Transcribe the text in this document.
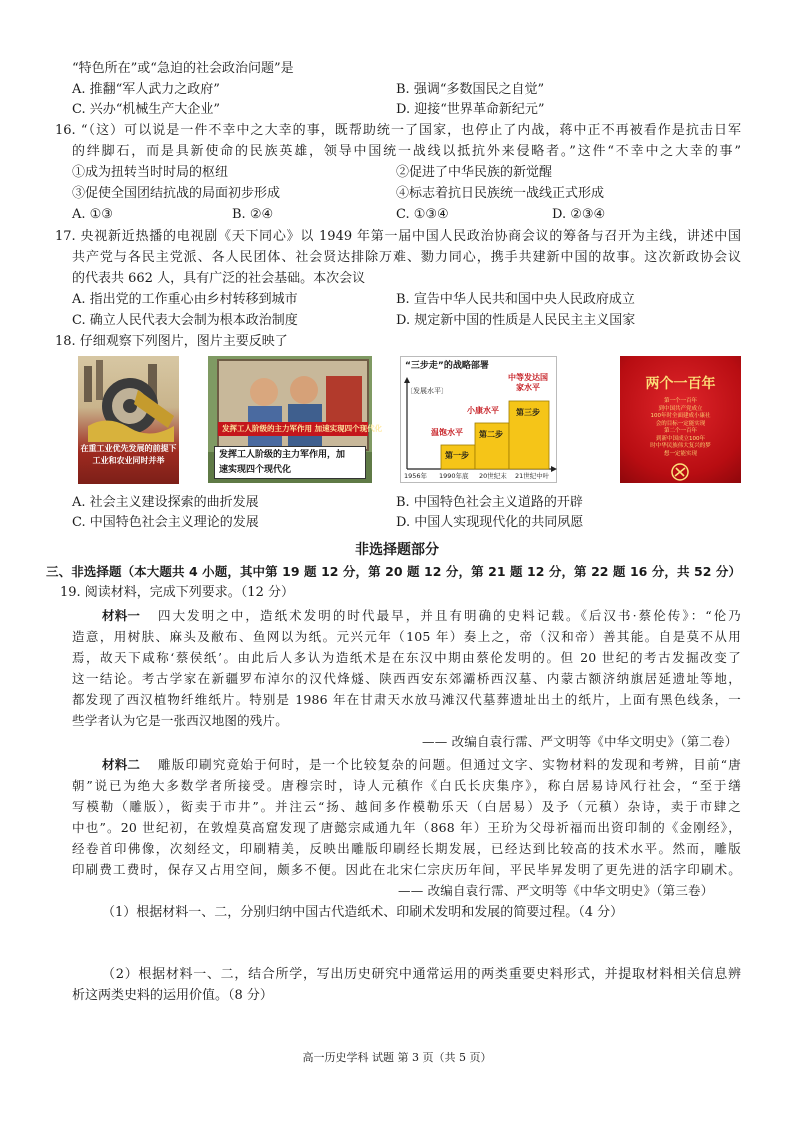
“特色所在”或“急迫的社会政治问题”是
A. 推翻“军人武力之政府”	B. 强调“多数国民之自觉”
C. 兴办“机械生产大企业”	D. 迎接“世界革命新纪元”
16. “（这）可以说是一件不幸中之大幸的事，既帮助统一了国家，也停止了内战，蒋中正不再被看作是抗击日军
的绊脚石，而是具新使命的民族英雄，领导中国统一战线以抵抗外来侵略者。”这件“不幸中之大幸的事”
①成为扭转当时时局的枢纽	②促进了中华民族的新觉醒
③促使全国团结抗战的局面初步形成	④标志着抗日民族统一战线正式形成
A. ①③	B. ②④	C. ①③④	D. ②③④
17. 央视新近热播的电视剧《天下同心》以 1949 年第一届中国人民政治协商会议的筹备与召开为主线，讲述中国
共产党与各民主党派、各人民团体、社会贤达排除万难、勠力同心，携手共建新中国的故事。这次新政协会议
的代表共 662 人，具有广泛的社会基础。本次会议
A. 指出党的工作重心由乡村转移到城市	B. 宣告中华人民共和国中央人民政府成立
C. 确立人民代表大会制为根本政治制度	D. 规定新中国的性质是人民民主主义国家
18. 仔细观察下列图片，图片主要反映了
在重工业优先发展的前提下
工业和农业同时并举
发挥工人阶级的主力军作用 加速实现四个现代化
发挥工人阶级的主力军作用，加
速实现四个现代化
“三步走”的战略部署
〔发展水平〕
第一步
第二步
第三步
温饱水平
小康水平
中等发达国家水平
1956年 1990年底 20世纪末 21世纪中叶
两个一百年
第一个一百年
到中国共产党成立
100年时全面建成小康社
会的目标一定能实现
第二个一百年
到新中国成立100年
时中华民族伟大复兴的梦
想一定能实现
A. 社会主义建设探索的曲折发展	B. 中国特色社会主义道路的开辟
C. 中国特色社会主义理论的发展	D. 中国人实现现代化的共同夙愿
非选择题部分
三、非选择题（本大题共 4 小题，其中第 19 题 12 分，第 20 题 12 分，第 21 题 12 分，第 22 题 16 分，共 52 分）
19. 阅读材料，完成下列要求。（12 分）
材料一 四大发明之中，造纸术发明的时代最早，并且有明确的史料记载。《后汉书·蔡伦传》：“伦乃
造意，用树肤、麻头及敝布、鱼网以为纸。元兴元年（105 年）奏上之，帝（汉和帝）善其能。自是莫不从用
焉，故天下咸称‘蔡侯纸’。由此后人多认为造纸术是在东汉中期由蔡伦发明的。但 20 世纪的考古发掘改变了
这一结论。考古学家在新疆罗布淖尔的汉代烽燧、陕西西安东郊灞桥西汉墓、内蒙古额济纳旗居延遗址等地，
都发现了西汉植物纤维纸片。特别是 1986 年在甘肃天水放马滩汉代墓葬遗址出土的纸片，上面有黑色线条，一
些学者认为它是一张西汉地图的残片。
—— 改编自袁行霈、严文明等《中华文明史》（第二卷）
材料二 雕版印刷究竟始于何时，是一个比较复杂的问题。但通过文字、实物材料的发现和考辨，目前“唐
朝”说已为绝大多数学者所接受。唐穆宗时，诗人元稹作《白氏长庆集序》，称白居易诗风行社会，“至于缮
写模勒（雕版），衒卖于市井”。并注云“扬、越间多作模勒乐天（白居易）及予（元稹）杂诗，卖于市肆之
中也”。20 世纪初，在敦煌莫高窟发现了唐懿宗咸通九年（868 年）王玠为父母祈福而出资印制的《金刚经》，
经卷首印佛像，次刻经文，印刷精美，反映出雕版印刷经长期发展，已经达到比较高的技术水平。然而，雕版
印刷费工费时，保存又占用空间，颇多不便。因此在北宋仁宗庆历年间，平民毕昇发明了更先进的活字印刷术。
—— 改编自袁行霈、严文明等《中华文明史》（第三卷）
（1）根据材料一、二，分别归纳中国古代造纸术、印刷术发明和发展的简要过程。（4 分）
（2）根据材料一、二，结合所学，写出历史研究中通常运用的两类重要史料形式，并提取材料相关信息辨
析这两类史料的运用价值。（8 分）
高一历史学科 试题 第 3 页（共 5 页）
